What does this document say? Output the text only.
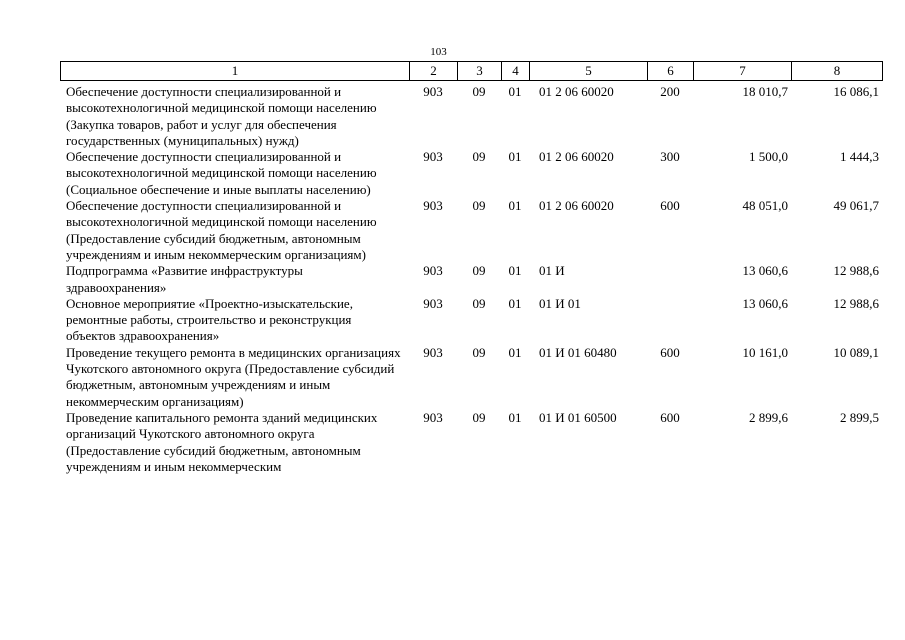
103
1	2	3	4	5	6	7	8
Обеспечение доступности специализированной и высокотехнологичной медицинской помощи населению (Закупка товаров, работ и услуг для обеспечения государственных (муниципальных) нужд)	903	09	01	01 2 06 60020	200	18 010,7	16 086,1
Обеспечение доступности специализированной и высокотехнологичной медицинской помощи населению (Социальное обеспечение и иные выплаты населению)	903	09	01	01 2 06 60020	300	1 500,0	1 444,3
Обеспечение доступности специализированной и высокотехнологичной медицинской помощи населению (Предоставление субсидий бюджетным, автономным учреждениям и иным некоммерческим организациям)	903	09	01	01 2 06 60020	600	48 051,0	49 061,7
Подпрограмма «Развитие инфраструктуры здравоохранения»	903	09	01	01 И		13 060,6	12 988,6
Основное мероприятие «Проектно-изыскательские, ремонтные работы, строительство и реконструкция объектов здравоохранения»	903	09	01	01 И 01		13 060,6	12 988,6
Проведение текущего ремонта в медицинских организациях Чукотского автономного округа (Предоставление субсидий бюджетным, автономным учреждениям и иным некоммерческим организациям)	903	09	01	01 И 01 60480	600	10 161,0	10 089,1
Проведение капитального ремонта зданий медицинских организаций Чукотского автономного округа (Предоставление субсидий бюджетным, автономным учреждениям и иным некоммерческим	903	09	01	01 И 01 60500	600	2 899,6	2 899,5
